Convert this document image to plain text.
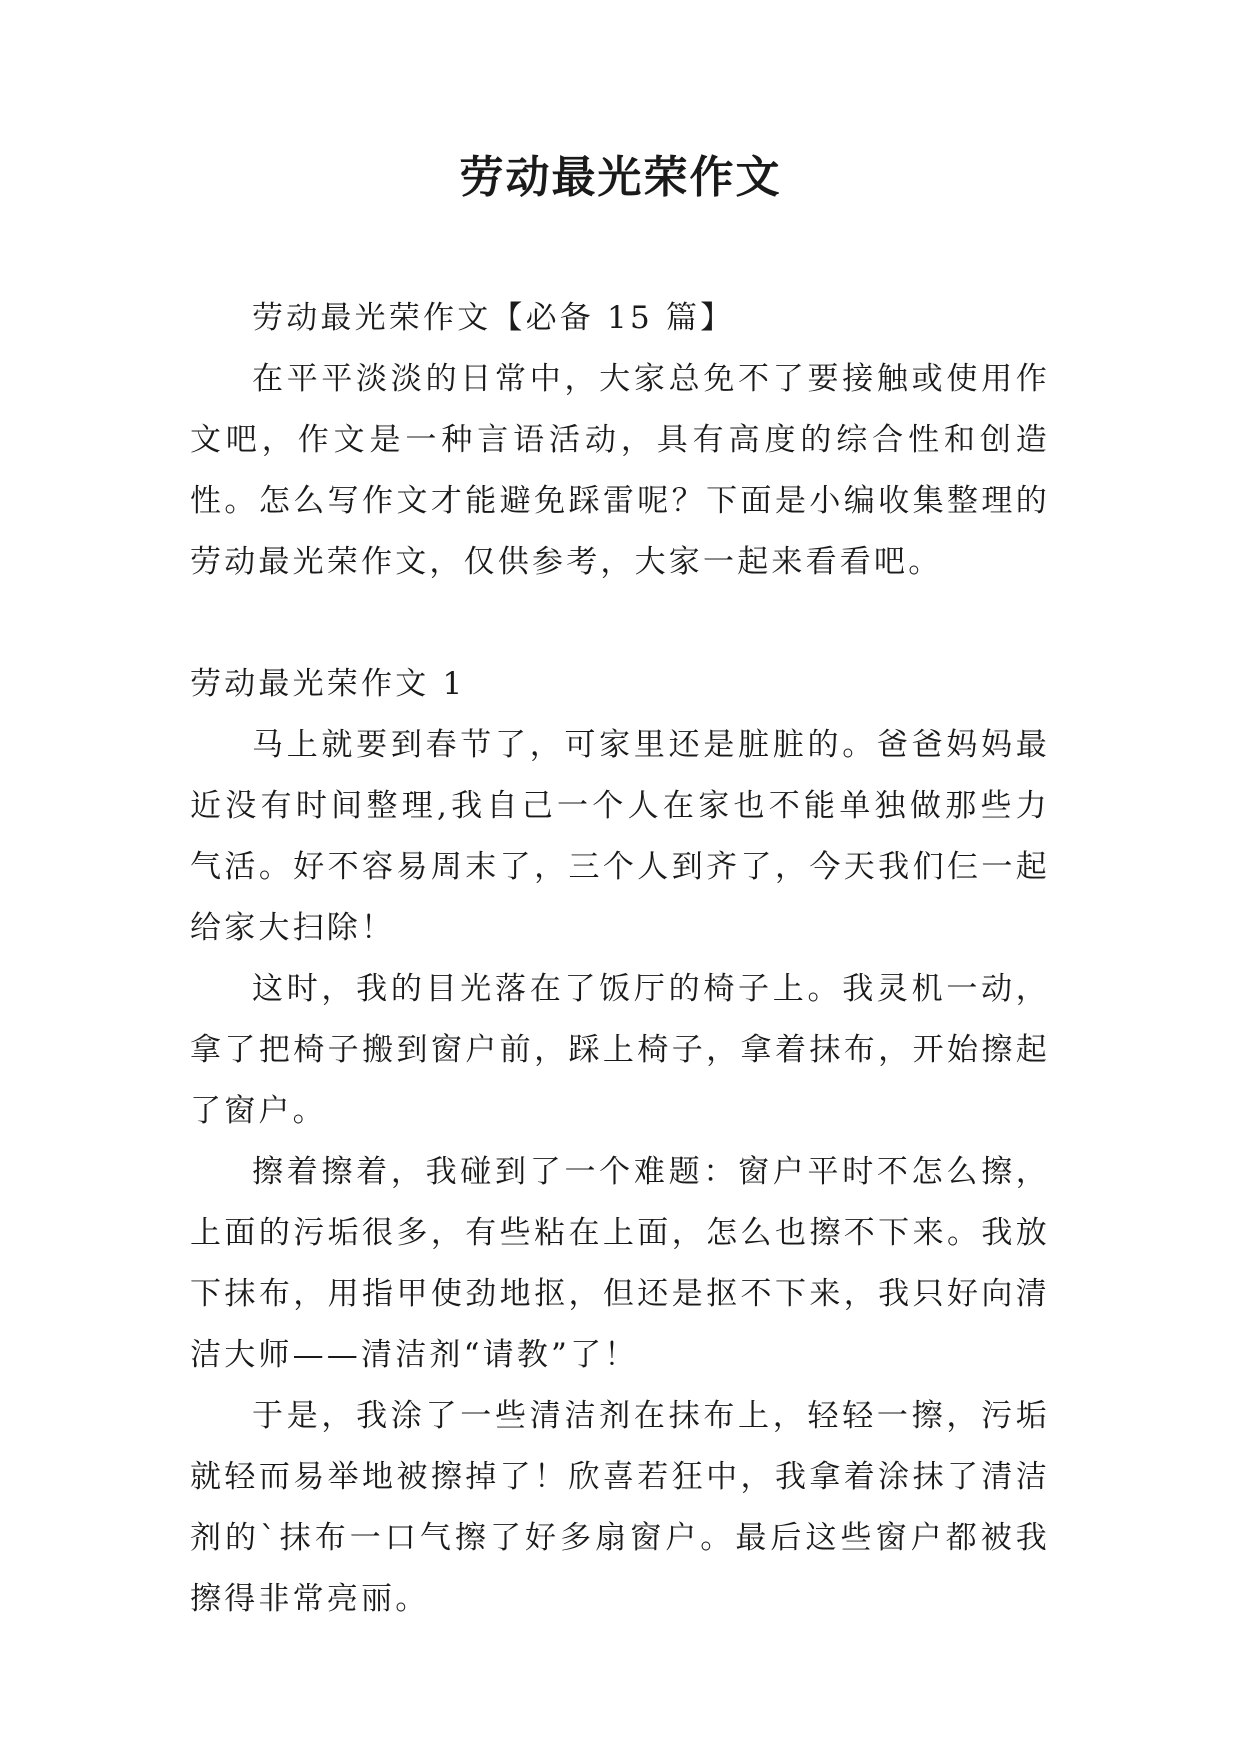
劳动最光荣作文

劳动最光荣作文【必备 15 篇】

在平平淡淡的日常中，大家总免不了要接触或使用作文吧，作文是一种言语活动，具有高度的综合性和创造性。怎么写作文才能避免踩雷呢？下面是小编收集整理的劳动最光荣作文，仅供参考，大家一起来看看吧。

劳动最光荣作文 1

马上就要到春节了，可家里还是脏脏的。爸爸妈妈最近没有时间整理,我自己一个人在家也不能单独做那些力气活。好不容易周末了，三个人到齐了，今天我们仨一起给家大扫除！

这时，我的目光落在了饭厅的椅子上。我灵机一动，拿了把椅子搬到窗户前，踩上椅子，拿着抹布，开始擦起了窗户。

擦着擦着，我碰到了一个难题：窗户平时不怎么擦，上面的污垢很多，有些粘在上面，怎么也擦不下来。我放下抹布，用指甲使劲地抠，但还是抠不下来，我只好向清洁大师——清洁剂“请教”了！

于是，我涂了一些清洁剂在抹布上，轻轻一擦，污垢就轻而易举地被擦掉了！欣喜若狂中，我拿着涂抹了清洁剂的`抹布一口气擦了好多扇窗户。最后这些窗户都被我擦得非常亮丽。
